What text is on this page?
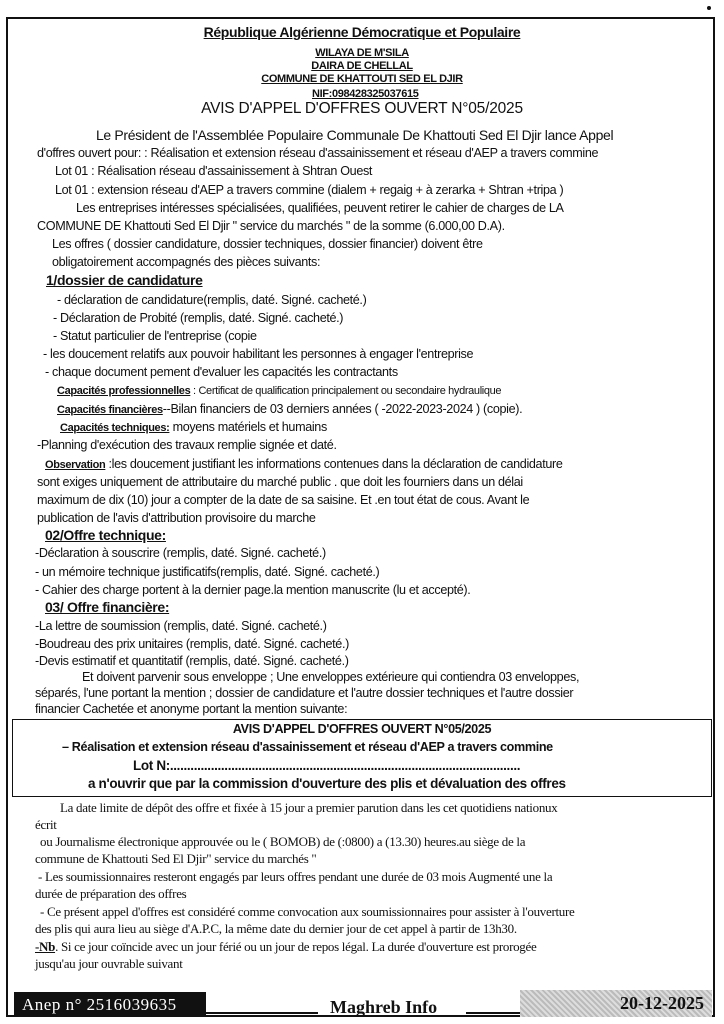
République Algérienne Démocratique et Populaire
WILAYA DE M'SILA
DAIRA DE CHELLAL
COMMUNE DE KHATTOUTI SED EL DJIR
NIF:098428325037615
AVIS D'APPEL D'OFFRES OUVERT N°05/2025
Le Président de l'Assemblée Populaire Communale De Khattouti Sed El Djir lance Appel
d'offres ouvert pour: : Réalisation et extension réseau d'assainissement et réseau d'AEP a travers commine
Lot 01 : Réalisation réseau d'assainissement à Shtran Ouest
Lot 01 : extension réseau d'AEP a travers commine (dialem + regaig + à zerarka + Shtran +tripa )
Les entreprises intéresses spécialisées, qualifiées, peuvent retirer le cahier de charges de LA
COMMUNE DE Khattouti Sed El Djir " service du marchés " de la somme (6.000,00 D.A).
Les offres ( dossier candidature, dossier techniques, dossier financier) doivent être
obligatoirement accompagnés des pièces suivants:
1/dossier de candidature
- déclaration de candidature(remplis, daté. Signé. cacheté.)
- Déclaration de Probité (remplis, daté. Signé. cacheté.)
- Statut particulier de l'entreprise (copie
- les doucement relatifs aux pouvoir habilitant les personnes à engager l'entreprise
- chaque document pement d'evaluer les capacités les contractants
Capacités professionnelles : Certificat de qualification principalement ou secondaire hydraulique
Capacités financières--Bilan financiers de 03 derniers années ( -2022-2023-2024 ) (copie).
Capacités techniques: moyens matériels et humains
-Planning d'exécution des travaux remplie signée et daté.
Observation :les doucement justifiant les informations contenues dans la déclaration de candidature
sont exiges uniquement de attributaire du marché public . que doit les fourniers dans un délai
maximum de dix (10) jour a compter de la date de sa saisine. Et .en tout état de cous. Avant le
publication de l'avis d'attribution provisoire du marche
02/Offre technique:
-Déclaration à souscrire (remplis, daté. Signé. cacheté.)
- un mémoire technique justificatifs(remplis, daté. Signé. cacheté.)
- Cahier des charge portent à la dernier page.la mention manuscrite (lu et accepté).
03/ Offre financière:
-La lettre de soumission (remplis, daté. Signé. cacheté.)
-Boudreau des prix unitaires (remplis, daté. Signé. cacheté.)
-Devis estimatif et quantitatif (remplis, daté. Signé. cacheté.)
Et doivent parvenir sous enveloppe ; Une enveloppes extérieure qui contiendra 03 enveloppes,
séparés, l'une portant la mention ; dossier de candidature et l'autre dossier techniques et l'autre dossier
financier Cachetée et anonyme portant la mention suivante:
AVIS D'APPEL D'OFFRES OUVERT N°05/2025
– Réalisation et extension réseau d'assainissement et réseau d'AEP a travers commine
Lot N:.......................................................................................................
a n'ouvrir que par la commission d'ouverture des plis et dévaluation des offres
La date limite de dépôt des offre et fixée à 15 jour a premier parution dans les cet quotidiens nationux
écrit
ou Journalisme électronique approuvée ou le ( BOMOB) de (:0800) a (13.30) heures.au siège de la
commune de Khattouti Sed El Djir" service du marchés "
- Les soumissionnaires resteront engagés par leurs offres pendant une durée de 03 mois Augmenté une la
durée de préparation des offres
- Ce présent appel d'offres est considéré comme convocation aux soumissionnaires pour assister à l'ouverture
des plis qui aura lieu au siège d'A.P.C, la même date du dernier jour de cet appel à partir de 13h30.
-Nb. Si ce jour coïncide avec un jour férié ou un jour de repos légal. La durée d'ouverture est prorogée
jusqu'au jour ouvrable suivant
Anep n° 2516039635	Maghreb Info	20-12-2025
